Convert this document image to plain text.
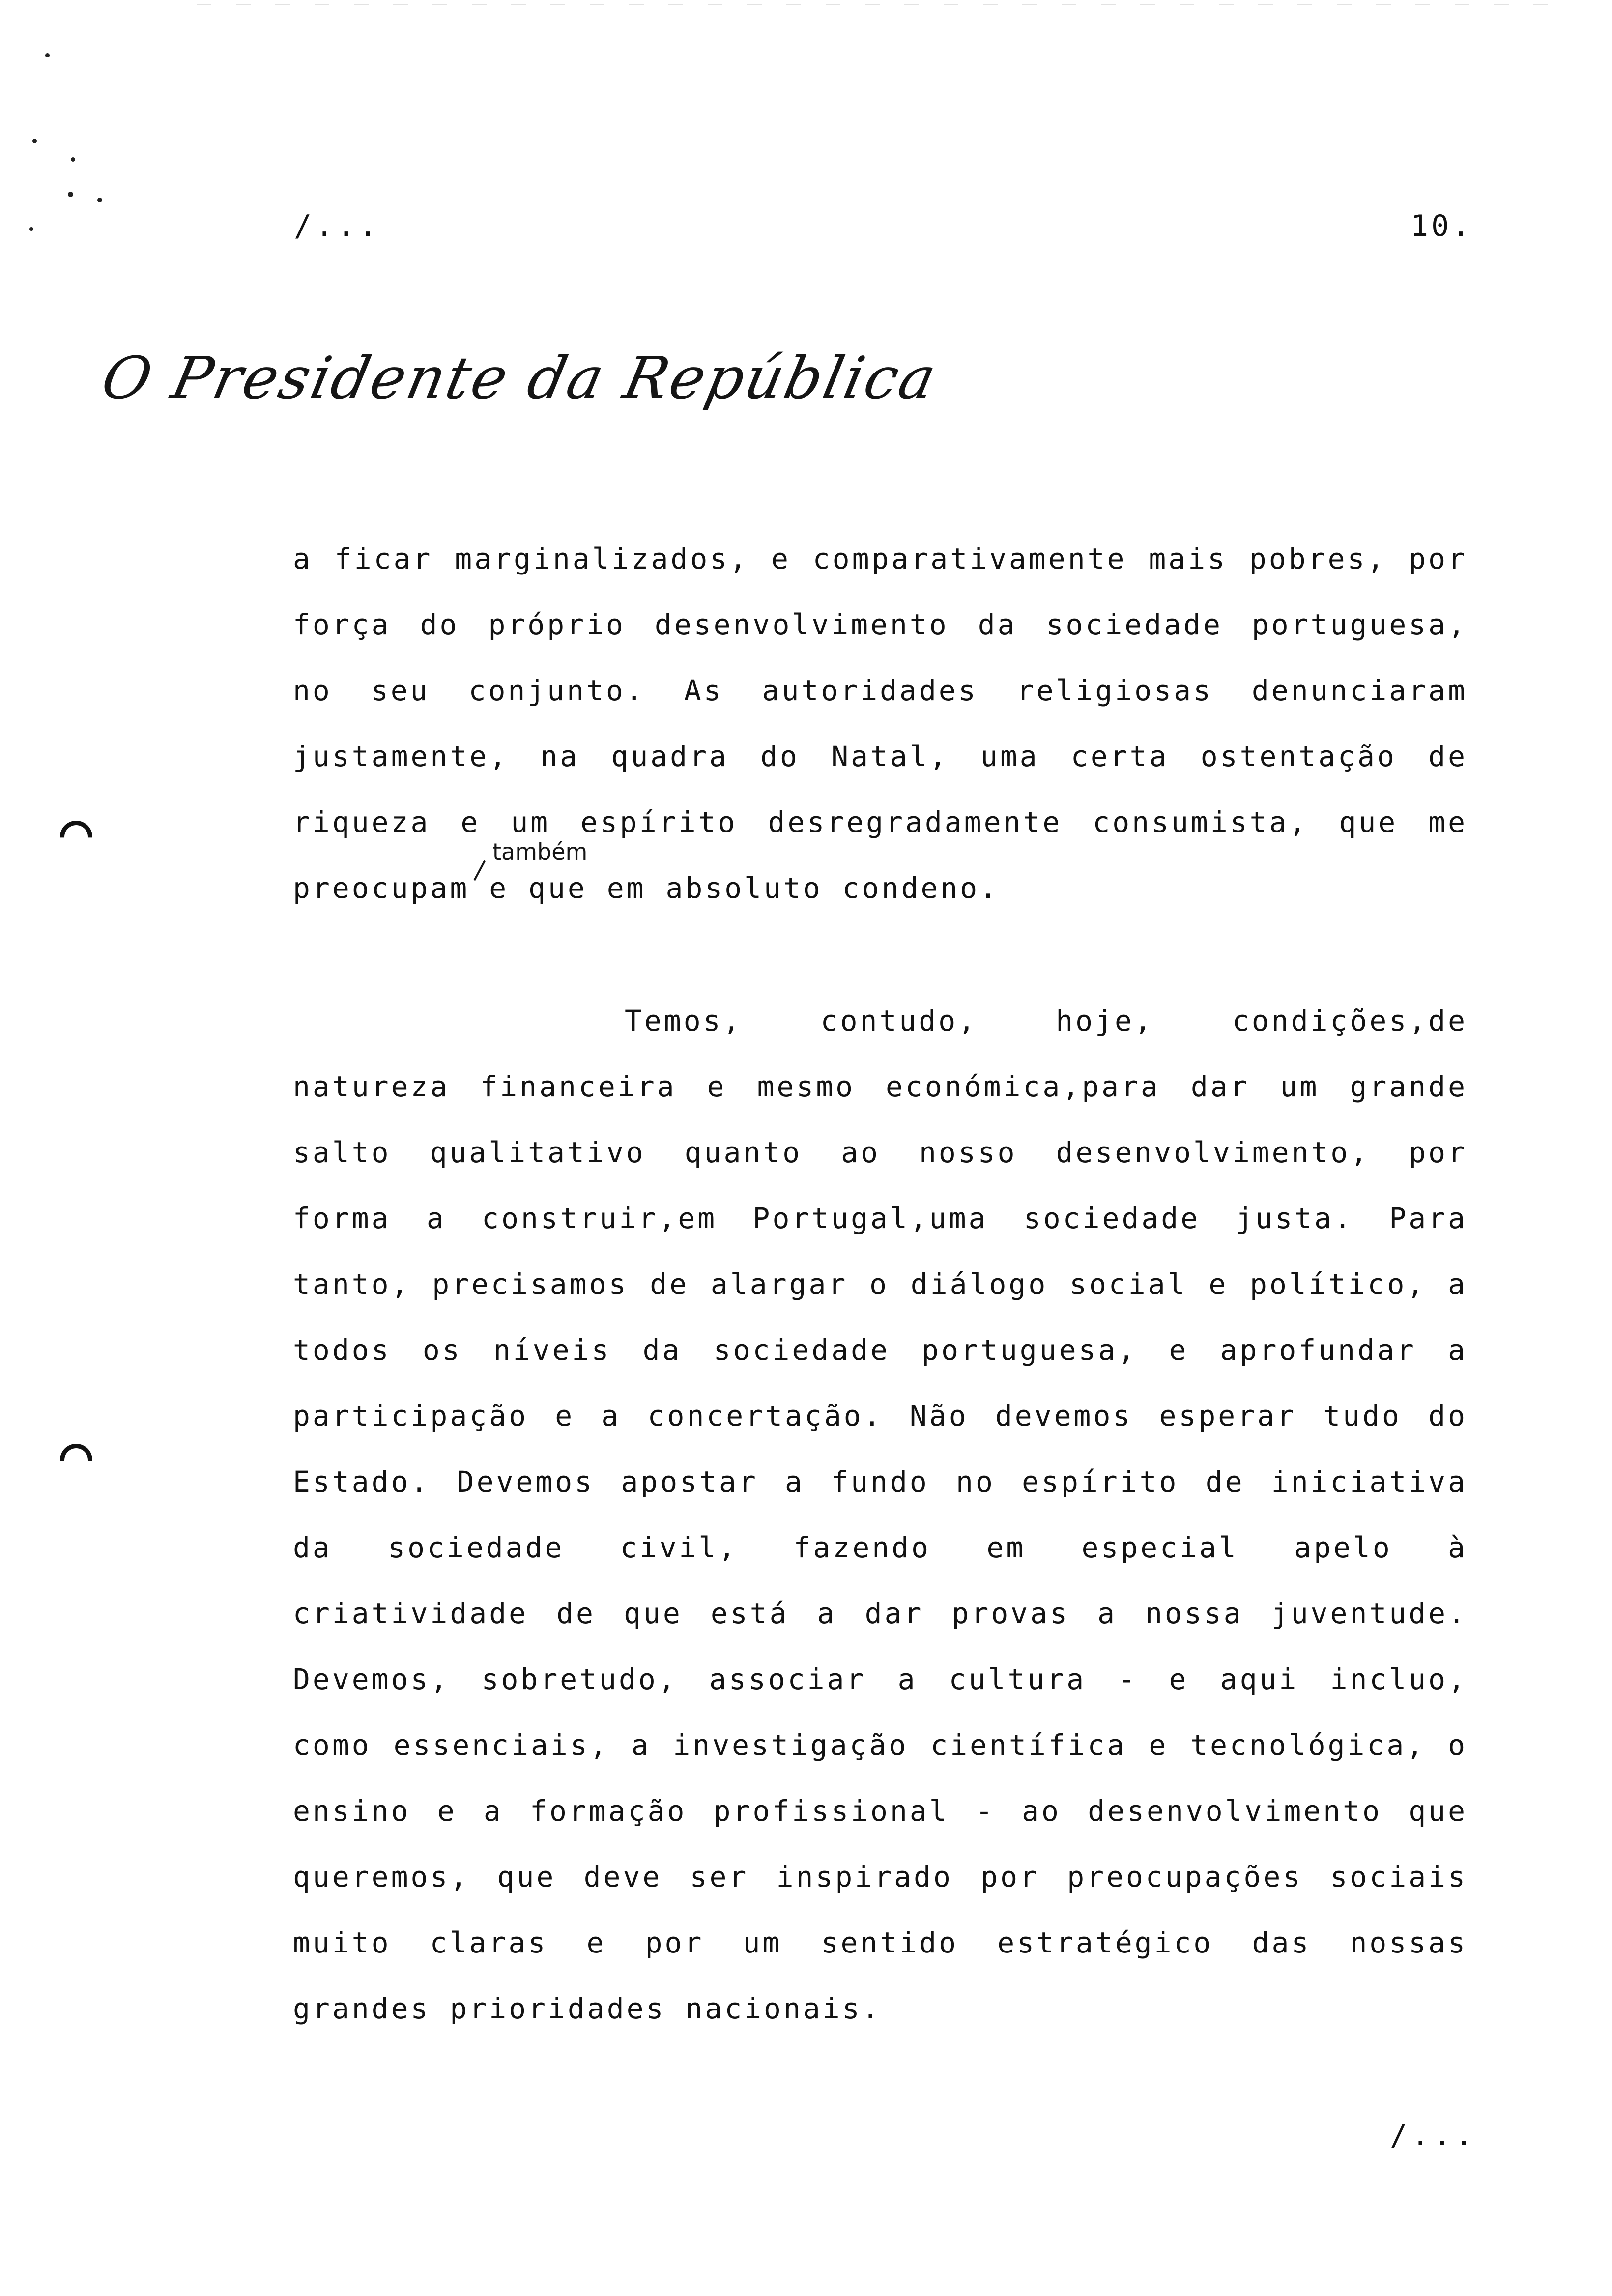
/...	10.
O Presidente da República
a ficar marginalizados, e comparativamente mais pobres, por força do próprio desenvolvimento da sociedade portuguesa, no seu conjunto. As autoridades religiosas denunciaram justamente, na quadra do Natal, uma certa ostentação de riqueza e um espírito desregradamente consumista, que me preocupam e que em absoluto condeno.
também
Temos, contudo, hoje, condições,de natureza financeira e mesmo económica,para dar um grande salto qualitativo quanto ao nosso desenvolvimento, por forma a construir,em Portugal,uma sociedade justa. Para tanto, precisamos de alargar o diálogo social e político, a todos os níveis da sociedade portuguesa, e aprofundar a participação e a concertação. Não devemos esperar tudo do Estado. Devemos apostar a fundo no espírito de iniciativa da sociedade civil, fazendo em especial apelo à criatividade de que está a dar provas a nossa juventude. Devemos, sobretudo, associar a cultura - e aqui incluo, como essenciais, a investigação científica e tecnológica, o ensino e a formação profissional - ao desenvolvimento que queremos, que deve ser inspirado por preocupações sociais muito claras e por um sentido estratégico das nossas grandes prioridades nacionais.
/...
